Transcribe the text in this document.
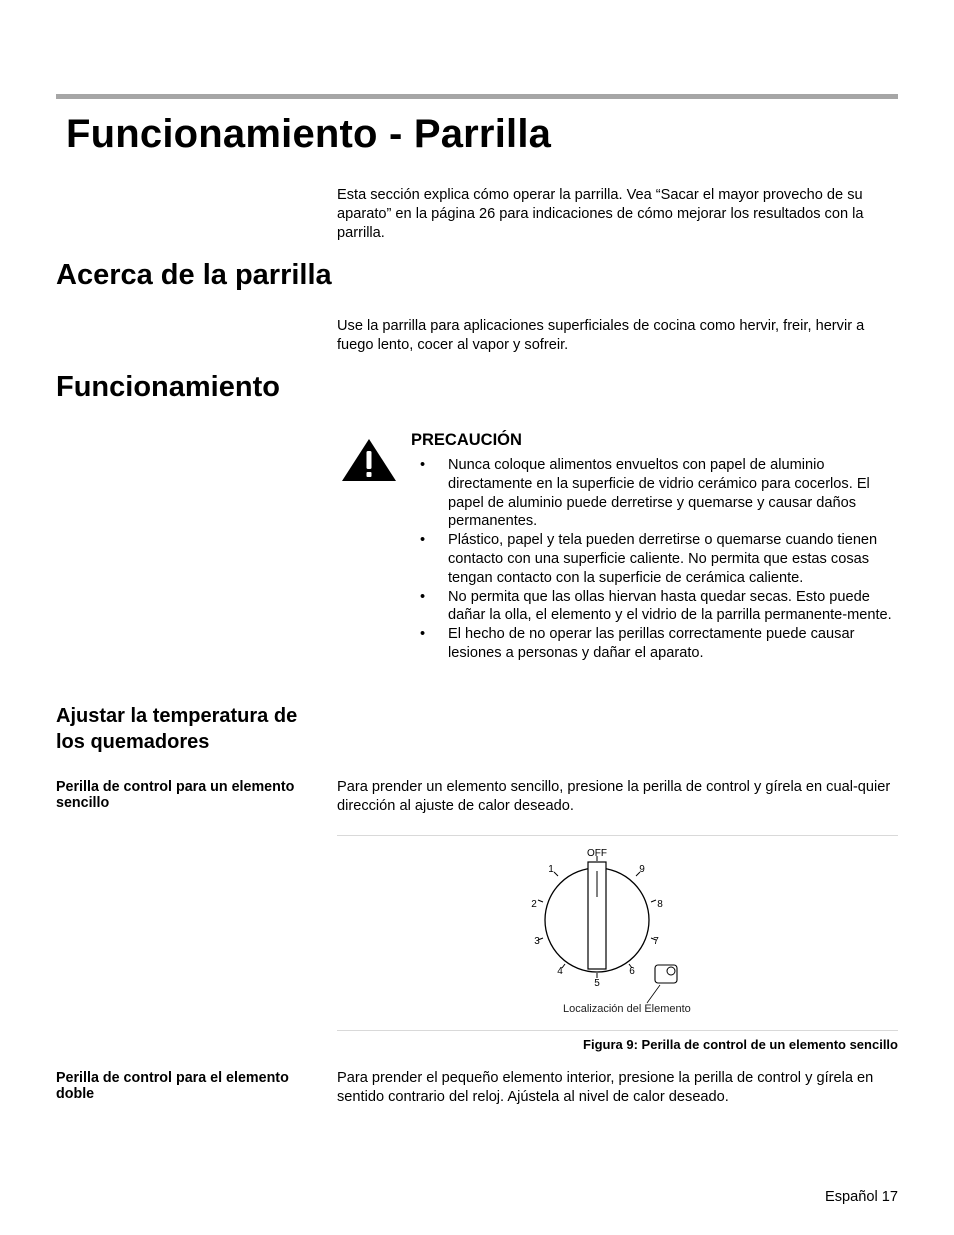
Funcionamiento - Parrilla

Esta sección explica cómo operar la parrilla. Vea “Sacar el mayor provecho de su aparato” en la página 26 para indicaciones de cómo mejorar los resultados con la parrilla.

Acerca de la parrilla

Use la parrilla para aplicaciones superficiales de cocina como hervir, freir, hervir a fuego lento, cocer al vapor y sofreir.

Funcionamiento
PRECAUCIÓN
• Nunca coloque alimentos envueltos con papel de aluminio directamente en la superficie de vidrio cerámico para cocerlos. El papel de aluminio puede derretirse y quemarse y causar daños permanentes.
• Plástico, papel y tela pueden derretirse o quemarse cuando tienen contacto con una superficie caliente. No permita que estas cosas tengan contacto con la superficie de cerámica caliente.
• No permita que las ollas hiervan hasta quedar secas. Esto puede dañar la olla, el elemento y el vidrio de la parrilla permanente-mente.
• El hecho de no operar las perillas correctamente puede causar lesiones a personas y dañar el aparato.
Ajustar la temperatura de los quemadores
Perilla de control para un elemento sencillo

Para prender un elemento sencillo, presione la perilla de control y gírela en cual-quier dirección al ajuste de calor deseado.

OFF
1
2
3
4
5
6
7
8
9
Localización del Elemento

Figura 9: Perilla de control de un elemento sencillo

Perilla de control para el elemento doble

Para prender el pequeño elemento interior, presione la perilla de control y gírela en sentido contrario del reloj. Ajústela al nivel de calor deseado.

Español 17
